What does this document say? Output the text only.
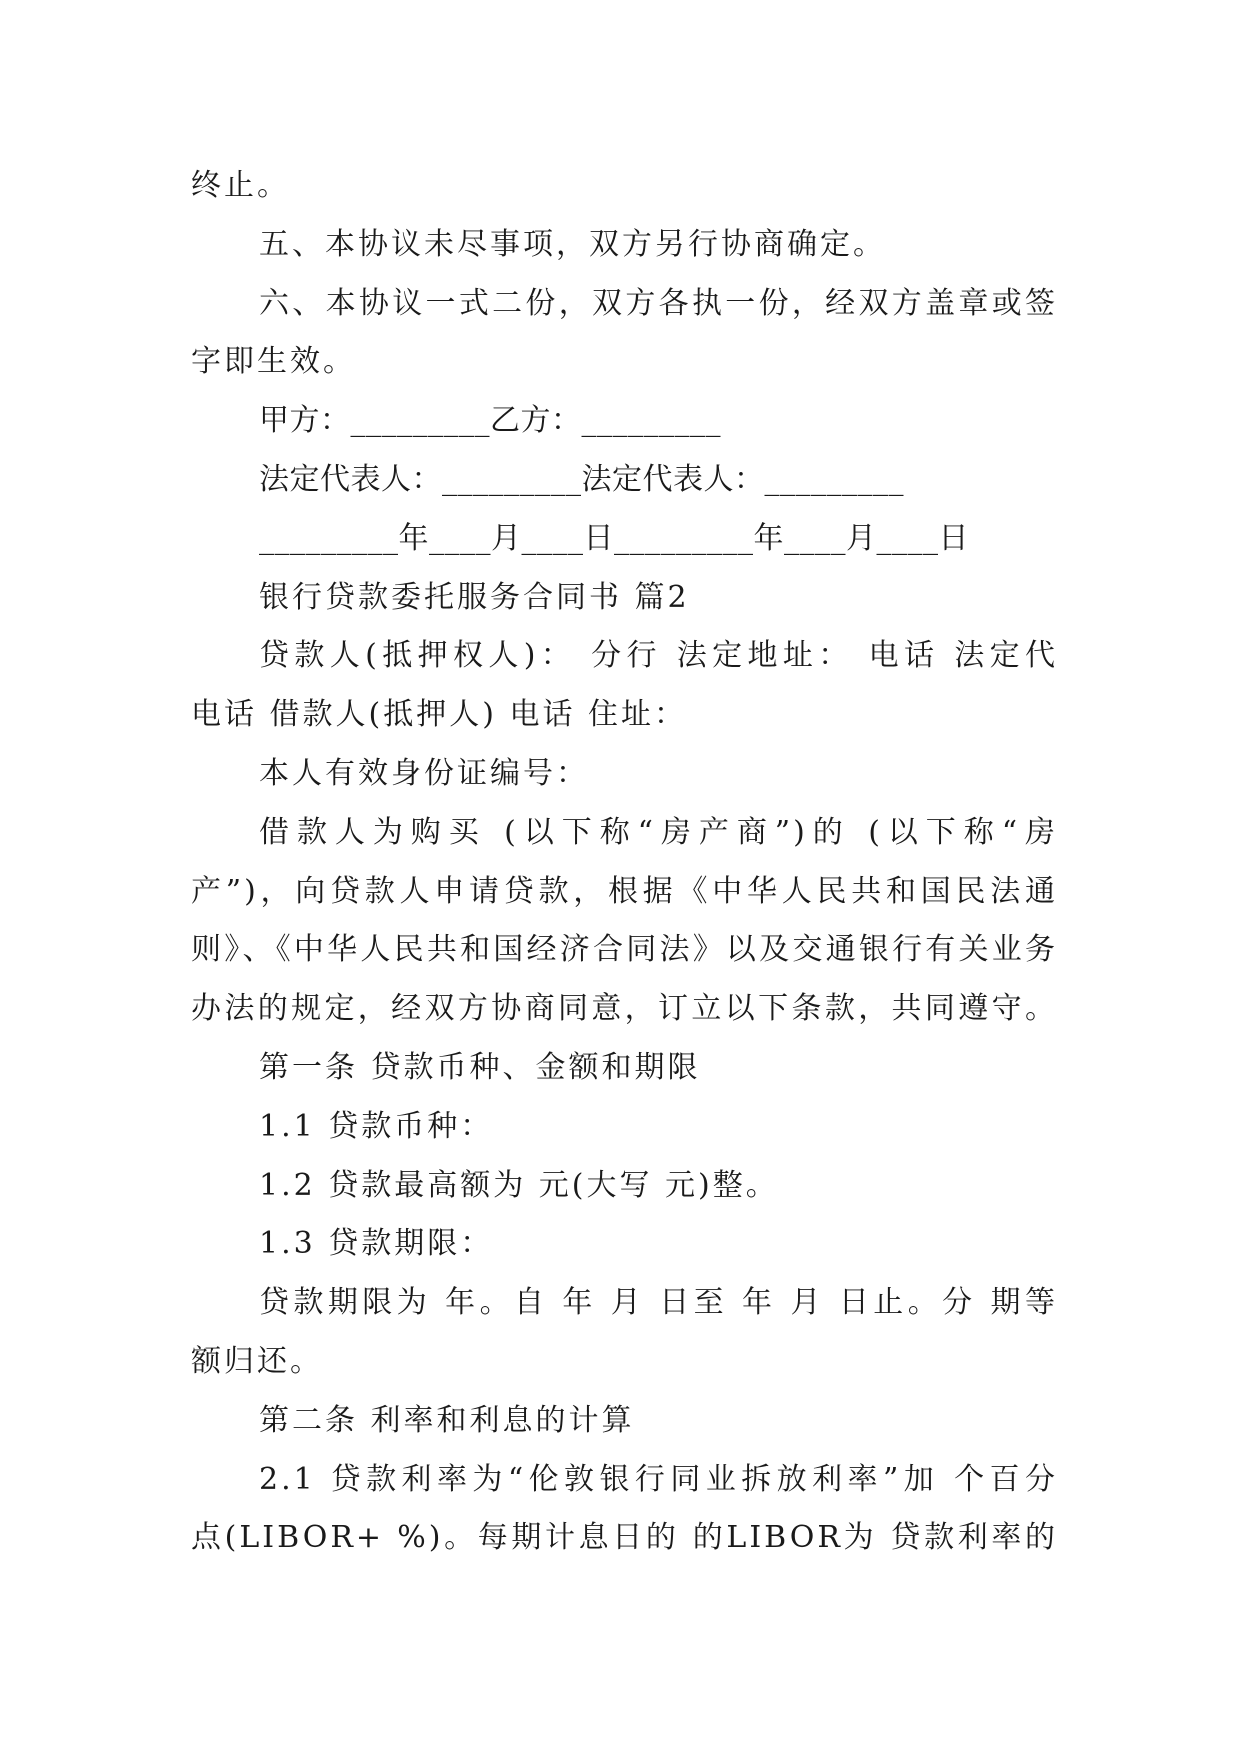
终止。
五、本协议未尽事项，双方另行协商确定。
六、本协议一式二份，双方各执一份，经双方盖章或签
字即生效。
甲方：_________乙方：_________
法定代表人：_________法定代表人：_________
_________年____月____日_________年____月____日
银行贷款委托服务合同书 篇2
贷款人(抵押权人)： 分行 法定地址： 电话 法定代
电话 借款人(抵押人) 电话 住址：
本人有效身份证编号：
借款人为购买 (以下称“房产商”)的 (以下称“房
产”)，向贷款人申请贷款，根据《中华人民共和国民法通
则》、《中华人民共和国经济合同法》以及交通银行有关业务
办法的规定，经双方协商同意，订立以下条款，共同遵守。
第一条 贷款币种、金额和期限
1.1 贷款币种：
1.2 贷款最高额为 元(大写 元)整。
1.3 贷款期限：
贷款期限为 年。自 年 月 日至 年 月 日止。分 期等
额归还。
第二条 利率和利息的计算
2.1 贷款利率为“伦敦银行同业拆放利率”加 个百分
点(LIBOR+ %)。每期计息日的 的LIBOR为 贷款利率的
